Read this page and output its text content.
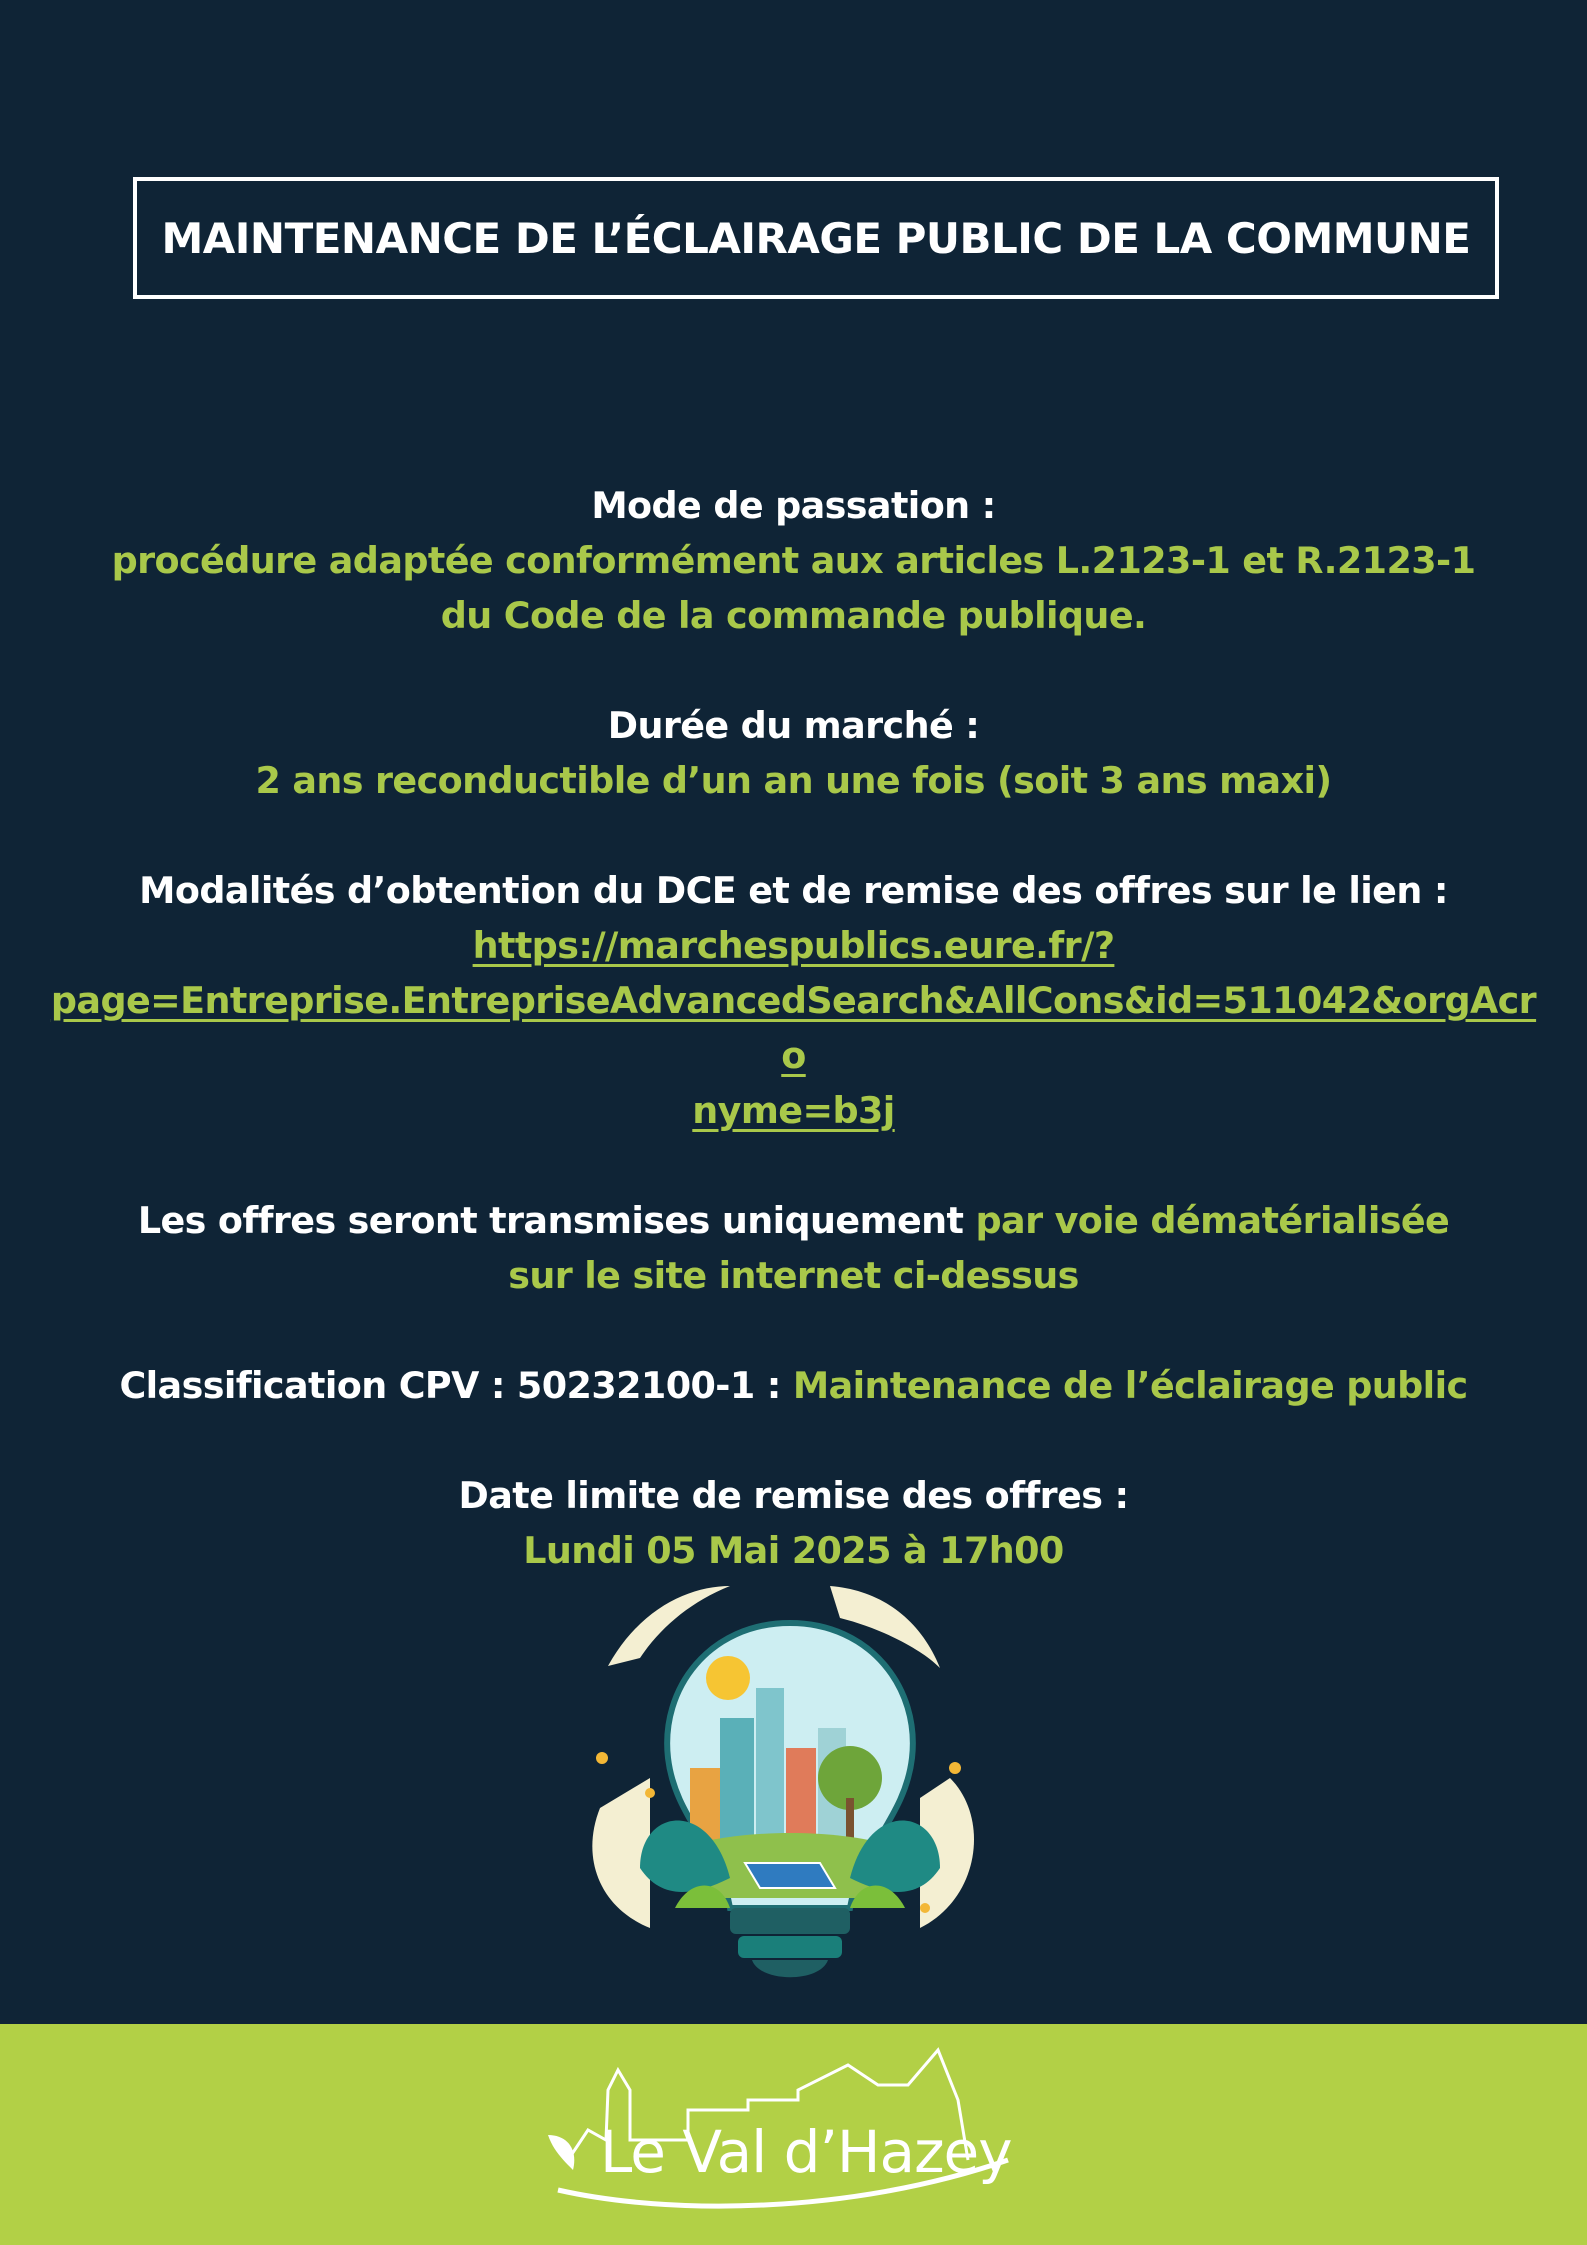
MAINTENANCE DE L’ÉCLAIRAGE PUBLIC DE LA COMMUNE

Mode de passation :
procédure adaptée conformément aux articles L.2123-1 et R.2123-1 du Code de la commande publique.

Durée du marché :
2 ans reconductible d’un an une fois (soit 3 ans maxi)

Modalités d’obtention du DCE et de remise des offres sur le lien :

https://marchespublics.eure.fr/?
page=Entreprise.EntrepriseAdvancedSearch&AllCons&id=511042&orgAcro
nyme=b3j

Les offres seront transmises uniquement par voie dématérialisée sur le site internet ci-dessus

Classification CPV : 50232100-1 : Maintenance de l’éclairage public

Date limite de remise des offres :
Lundi 05 Mai 2025 à 17h00

Le Val d’Hazey
